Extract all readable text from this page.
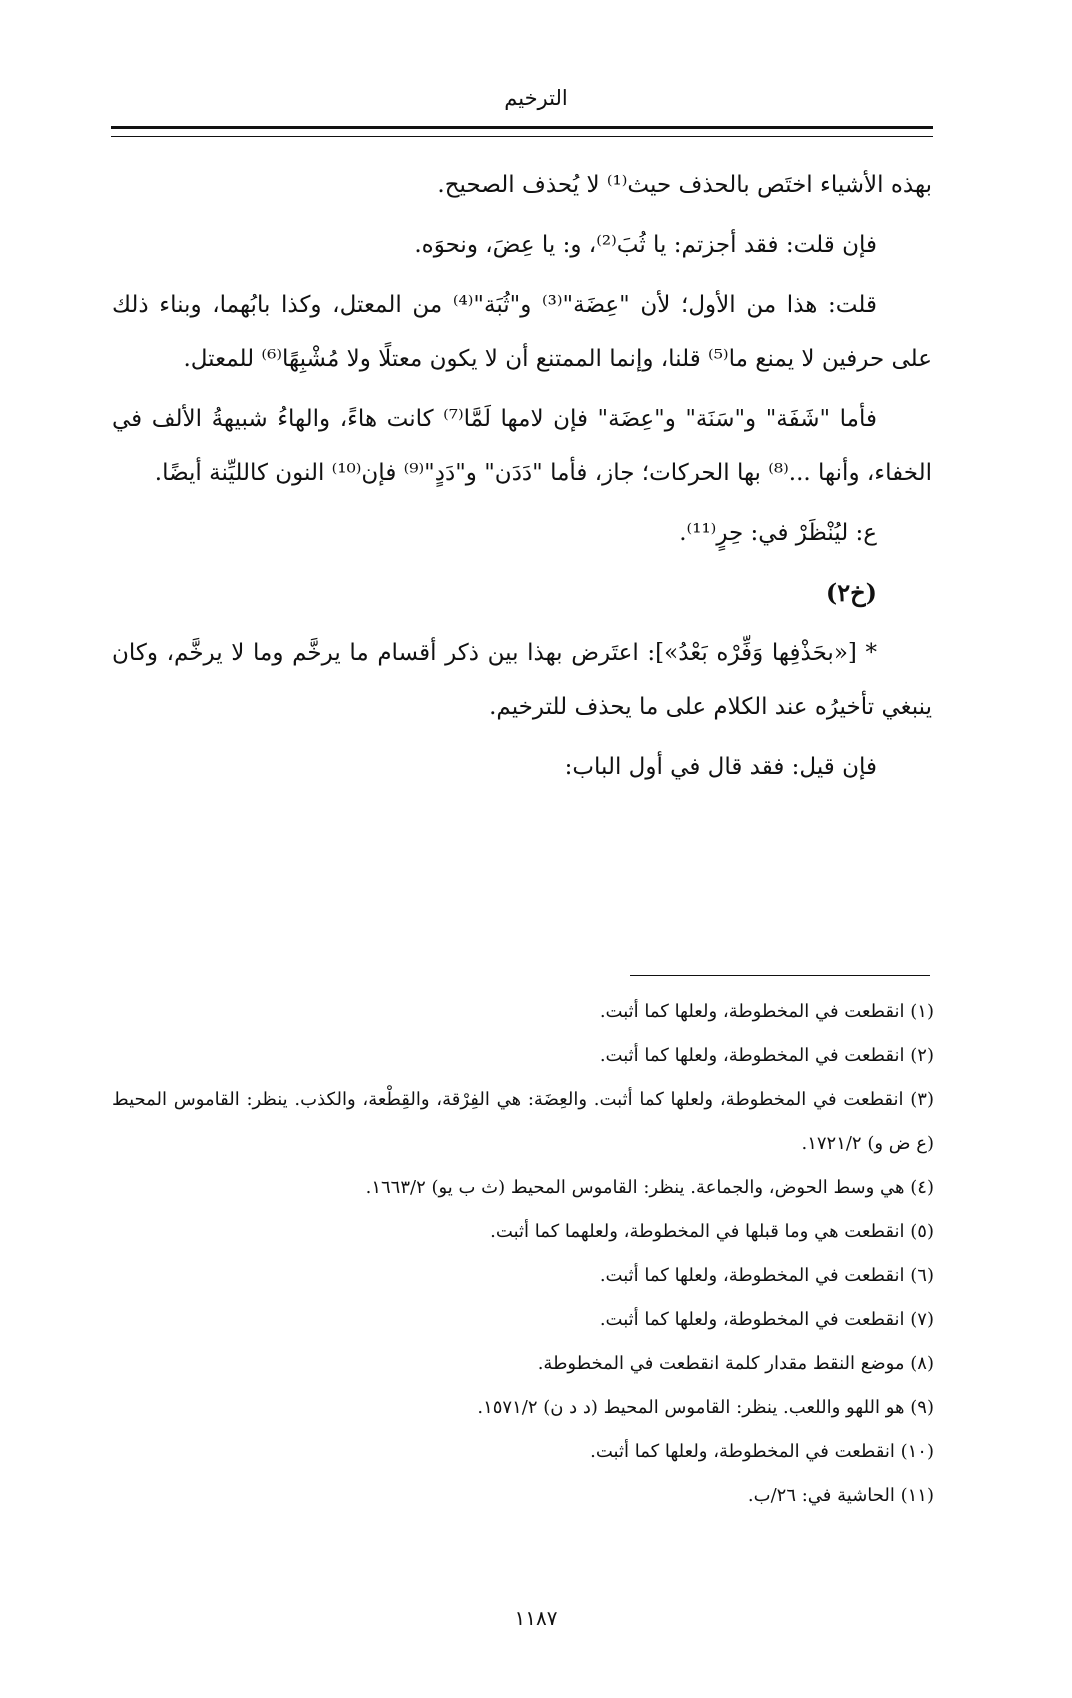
الترخيم

بهذه الأشياء اختَص بالحذف حيث⁽¹⁾ لا يُحذف الصحيح.

فإن قلت: فقد أجزتم: يا ثُبَ⁽²⁾، و: يا عِضَ، ونحوَه.

قلت: هذا من الأول؛ لأن "عِضَة"⁽³⁾ و"ثُبَة"⁽⁴⁾ من المعتل، وكذا بابُهما، وبناء ذلك على حرفين لا يمنع ما⁽⁵⁾ قلنا، وإنما الممتنع أن لا يكون معتلًا ولا مُشْبِهًا⁽⁶⁾ للمعتل.

فأما "شَفَة" و"سَنَة" و"عِضَة" فإن لامها لَمَّا⁽⁷⁾ كانت هاءً، والهاءُ شبيهةُ الألف في الخفاء، وأنها ...⁽⁸⁾ بها الحركات؛ جاز، فأما "دَدَن" و"دَدٍ"⁽⁹⁾ فإن⁽¹⁰⁾ النون كالليِّنة أيضًا.

ع: ليُنْظَرْ في: حِرٍ⁽¹¹⁾.

(خ٢)

* [«بحَذْفِها وَفِّرْه بَعْدُ»]: اعتَرض بهذا بين ذكر أقسام ما يرخَّم وما لا يرخَّم، وكان ينبغي تأخيرُه عند الكلام على ما يحذف للترخيم.

فإن قيل: فقد قال في أول الباب:

(١) انقطعت في المخطوطة، ولعلها كما أثبت.

(٢) انقطعت في المخطوطة، ولعلها كما أثبت.

(٣) انقطعت في المخطوطة، ولعلها كما أثبت. والعِضَة: هي الفِرْقة، والقِطْعة، والكذب. ينظر: القاموس المحيط (ع ض و) ١٧٢١/٢.

(٤) هي وسط الحوض، والجماعة. ينظر: القاموس المحيط (ث ب يو) ١٦٦٣/٢.

(٥) انقطعت هي وما قبلها في المخطوطة، ولعلهما كما أثبت.

(٦) انقطعت في المخطوطة، ولعلها كما أثبت.

(٧) انقطعت في المخطوطة، ولعلها كما أثبت.

(٨) موضع النقط مقدار كلمة انقطعت في المخطوطة.

(٩) هو اللهو واللعب. ينظر: القاموس المحيط (د د ن) ١٥٧١/٢.

(١٠) انقطعت في المخطوطة، ولعلها كما أثبت.

(١١) الحاشية في: ٢٦/ب.

١١٨٧
